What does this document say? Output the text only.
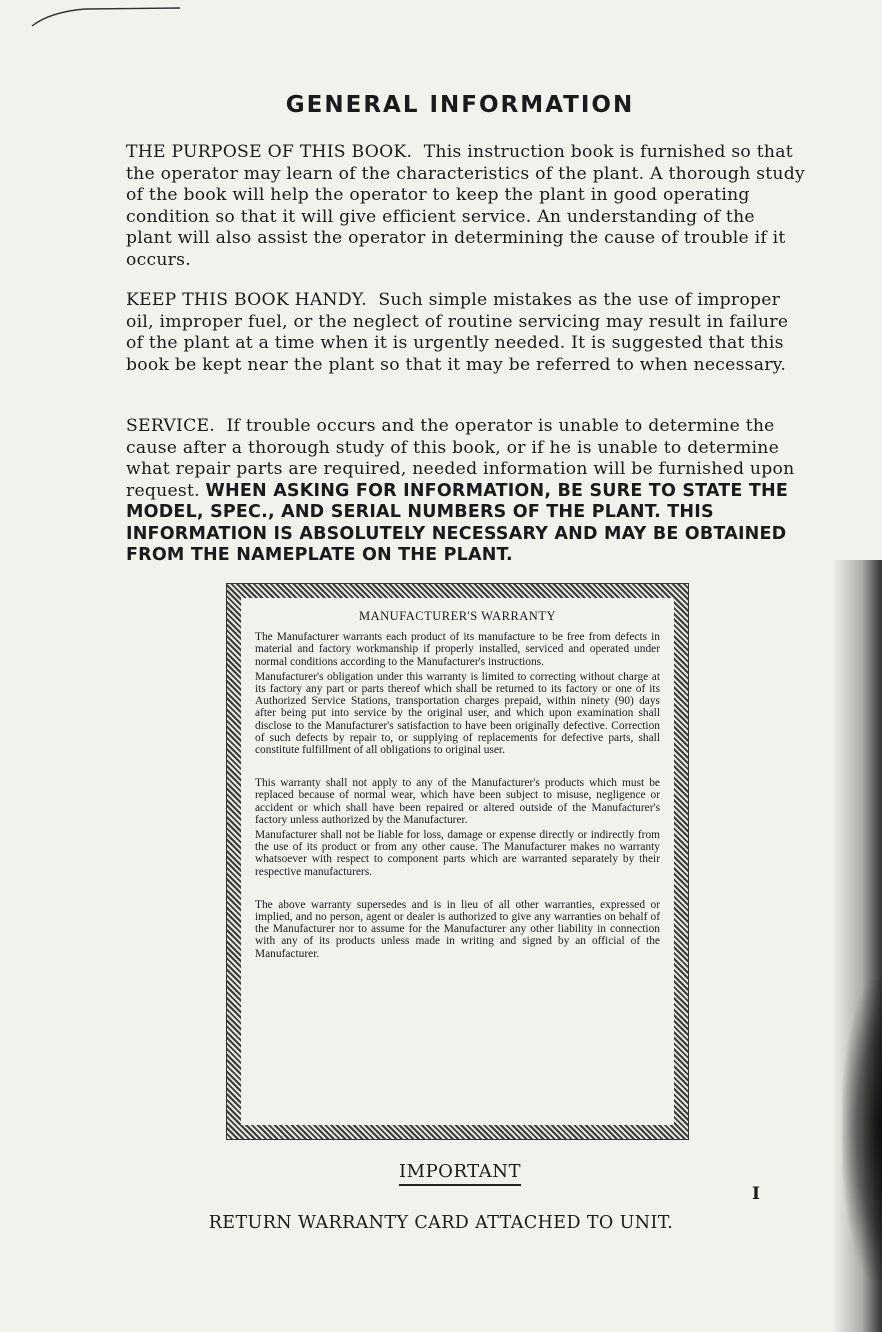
GENERAL INFORMATION

THE PURPOSE OF THIS BOOK. This instruction book is furnished so that the operator may learn of the characteristics of the plant. A thorough study of the book will help the operator to keep the plant in good operating condition so that it will give efficient service. An understanding of the plant will also assist the operator in determining the cause of trouble if it occurs.

KEEP THIS BOOK HANDY. Such simple mistakes as the use of improper oil, improper fuel, or the neglect of routine servicing may result in failure of the plant at a time when it is urgently needed. It is suggested that this book be kept near the plant so that it may be referred to when necessary.

SERVICE. If trouble occurs and the operator is unable to determine the cause after a thorough study of this book, or if he is unable to determine what repair parts are required, needed information will be furnished upon request. WHEN ASKING FOR INFORMATION, BE SURE TO STATE THE MODEL, SPEC., AND SERIAL NUMBERS OF THE PLANT. THIS INFORMATION IS ABSOLUTELY NECESSARY AND MAY BE OBTAINED FROM THE NAMEPLATE ON THE PLANT.

MANUFACTURER'S WARRANTY

The Manufacturer warrants each product of its manufacture to be free from defects in material and factory workmanship if properly installed, serviced and operated under normal conditions according to the Manufacturer's instructions.

Manufacturer's obligation under this warranty is limited to correcting without charge at its factory any part or parts thereof which shall be returned to its factory or one of its Authorized Service Stations, transportation charges prepaid, within ninety (90) days after being put into service by the original user, and which upon examination shall disclose to the Manufacturer's satisfaction to have been originally defective. Correction of such defects by repair to, or supplying of replacements for defective parts, shall constitute fulfillment of all obligations to original user.

This warranty shall not apply to any of the Manufacturer's products which must be replaced because of normal wear, which have been subject to misuse, negligence or accident or which shall have been repaired or altered outside of the Manufacturer's factory unless authorized by the Manufacturer.

Manufacturer shall not be liable for loss, damage or expense directly or indirectly from the use of its product or from any other cause. The Manufacturer makes no warranty whatsoever with respect to component parts which are warranted separately by their respective manufacturers.

The above warranty supersedes and is in lieu of all other warranties, expressed or implied, and no person, agent or dealer is authorized to give any warranties on behalf of the Manufacturer nor to assume for the Manufacturer any other liability in connection with any of its products unless made in writing and signed by an official of the Manufacturer.

IMPORTANT
I
RETURN WARRANTY CARD ATTACHED TO UNIT.
